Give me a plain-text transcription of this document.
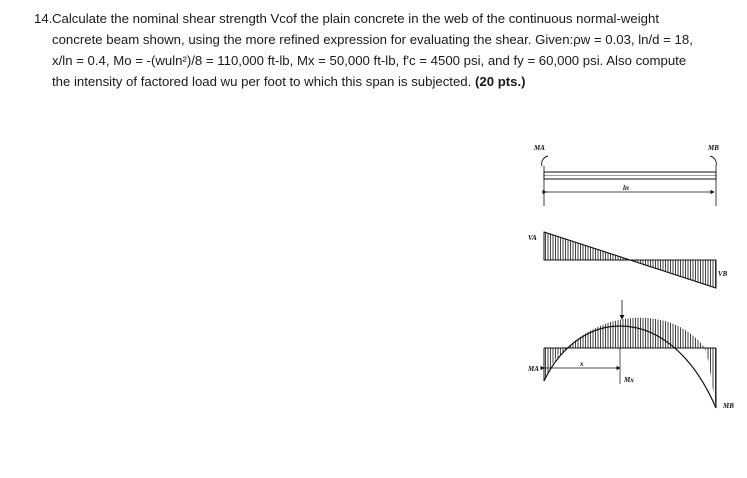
14. Calculate the nominal shear strength Vcof the plain concrete in the web of the continuous normal-weight concrete beam shown, using the more refined expression for evaluating the shear. Given:ρw = 0.03, ln/d = 18, x/ln = 0.4, Mo = -(wuln²)/8 = 110,000 ft-lb, Mx = 50,000 ft-lb, f'c = 4500 psi, and fy = 60,000 psi. Also compute the intensity of factored load wu per foot to which this span is subjected. (20 pts.)
MA	MB
ln
VA
VB
MA
MB
x
Mx
